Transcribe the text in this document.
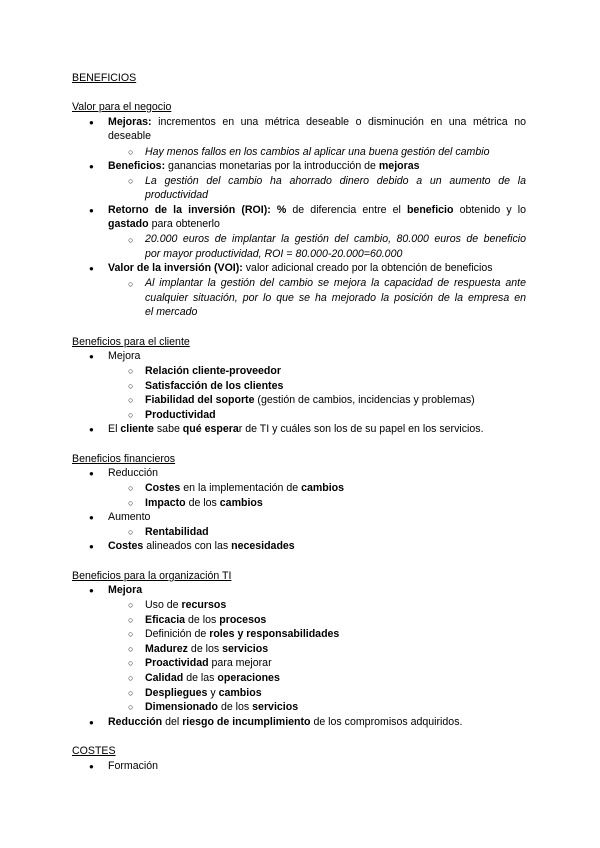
BENEFICIOS
Valor para el negocio
● Mejoras: incrementos en una métrica deseable o disminución en una métrica no
deseable
○ Hay menos fallos en los cambios al aplicar una buena gestión del cambio
● Beneficios: ganancias monetarias por la introducción de mejoras
○ La gestión del cambio ha ahorrado dinero debido a un aumento de la
productividad
● Retorno de la inversión (ROI): % de diferencia entre el beneficio obtenido y lo
gastado para obtenerlo
○ 20.000 euros de implantar la gestión del cambio, 80.000 euros de beneficio
por mayor productividad, ROI = 80.000-20.000=60.000
● Valor de la inversión (VOI): valor adicional creado por la obtención de beneficios
○ Al implantar la gestión del cambio se mejora la capacidad de respuesta ante
cualquier situación, por lo que se ha mejorado la posición de la empresa en
el mercado
Beneficios para el cliente
● Mejora
○ Relación cliente-proveedor
○ Satisfacción de los clientes
○ Fiabilidad del soporte (gestión de cambios, incidencias y problemas)
○ Productividad
● El cliente sabe qué esperar de TI y cuáles son los de su papel en los servicios.
Beneficios financieros
● Reducción
○ Costes en la implementación de cambios
○ Impacto de los cambios
● Aumento
○ Rentabilidad
● Costes alineados con las necesidades
Beneficios para la organización TI
● Mejora
○ Uso de recursos
○ Eficacia de los procesos
○ Definición de roles y responsabilidades
○ Madurez de los servicios
○ Proactividad para mejorar
○ Calidad de las operaciones
○ Despliegues y cambios
○ Dimensionado de los servicios
● Reducción del riesgo de incumplimiento de los compromisos adquiridos.
COSTES
● Formación
